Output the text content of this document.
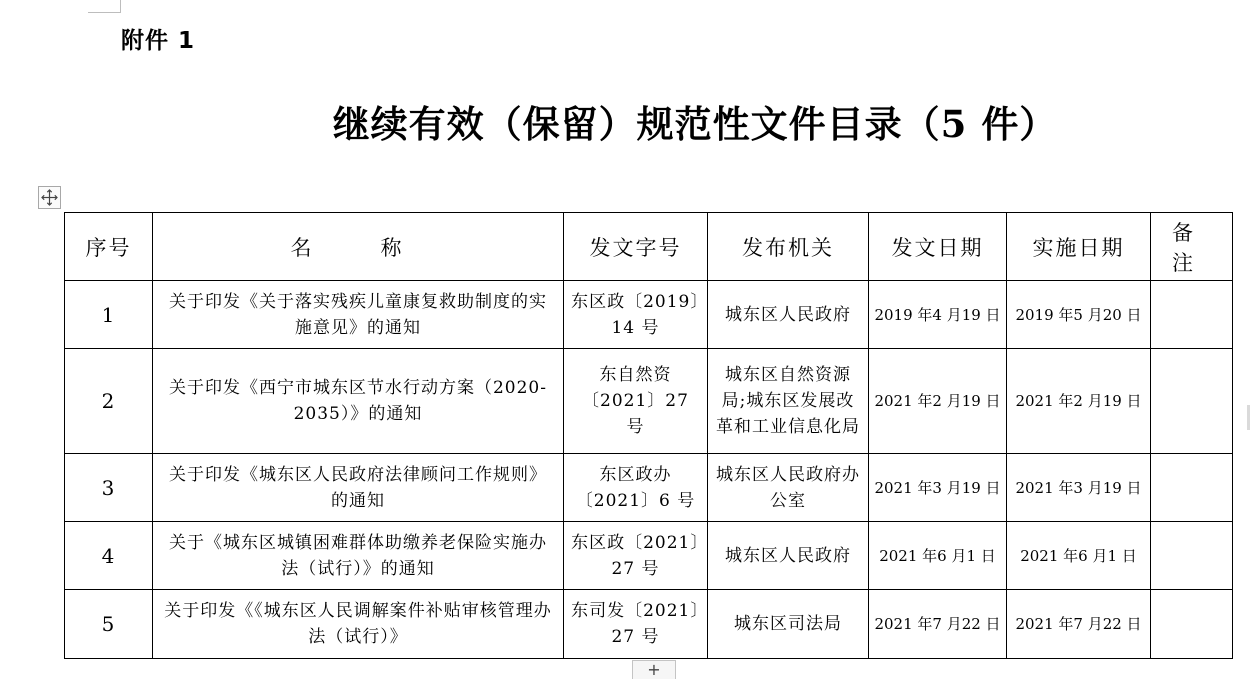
附件 1
继续有效（保留）规范性文件目录（5 件）
序号	名　称	发文字号	发布机关	发文日期	实施日期	备　注
1	关于印发《关于落实残疾儿童康复救助制度的实施意见》的通知	东区政〔2019〕14 号	城东区人民政府	2019 年4 月19 日	2019 年5 月20 日	
2	关于印发《西宁市城东区节水行动方案（2020-2035）》的通知	东自然资〔2021〕27 号	城东区自然资源局;城东区发展改革和工业信息化局	2021 年2 月19 日	2021 年2 月19 日	
3	关于印发《城东区人民政府法律顾问工作规则》的通知	东区政办〔2021〕6 号	城东区人民政府办公室	2021 年3 月19 日	2021 年3 月19 日	
4	关于《城东区城镇困难群体助缴养老保险实施办法（试行）》的通知	东区政〔2021〕27 号	城东区人民政府	2021 年6 月1 日	2021 年6 月1 日	
5	关于印发《《城东区人民调解案件补贴审核管理办法（试行）》	东司发〔2021〕27 号	城东区司法局	2021 年7 月22 日	2021 年7 月22 日	
+
